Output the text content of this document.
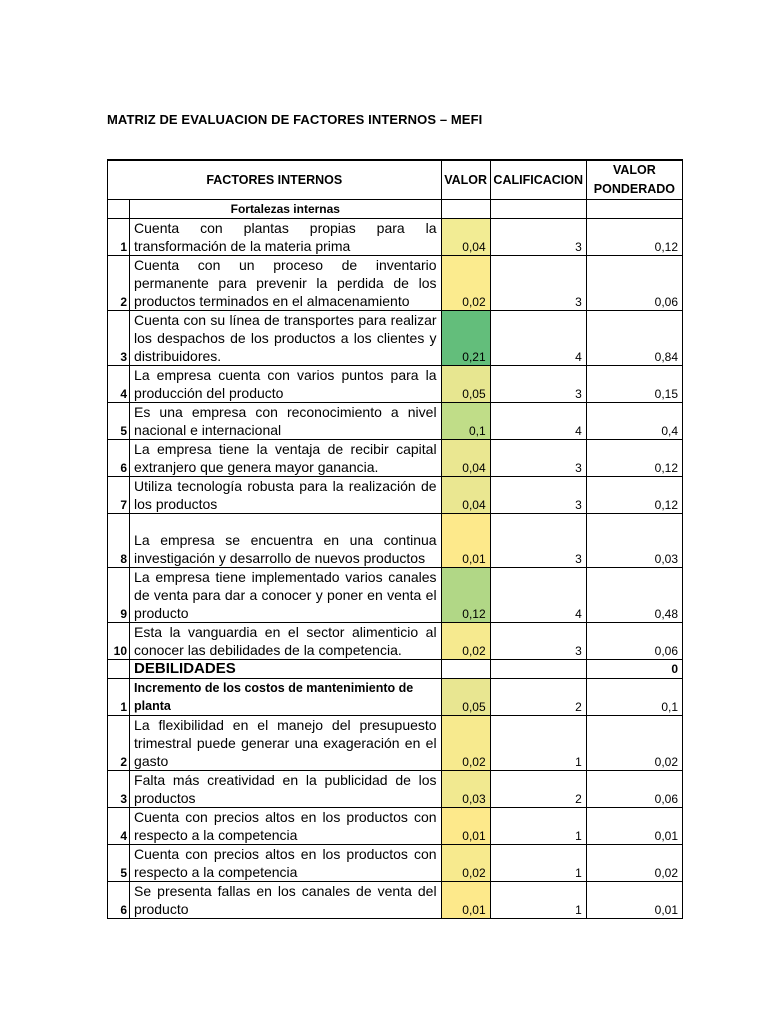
MATRIZ DE EVALUACION DE FACTORES INTERNOS – MEFI
FACTORES INTERNOS		VALOR	CALIFICACION	VALOR
PONDERADO
	Fortalezas internas			
1	Cuenta con plantas propias para la transformación de la materia prima	0,04	3	0,12
2	Cuenta con un proceso de inventario permanente para prevenir la perdida de los productos terminados en el almacenamiento	0,02	3	0,06
3	Cuenta con su línea de transportes para realizar los despachos de los productos a los clientes y distribuidores.	0,21	4	0,84
4	La empresa cuenta con varios puntos para la producción del producto	0,05	3	0,15
5	Es una empresa con reconocimiento a nivel nacional e internacional	0,1	4	0,4
6	La empresa tiene la ventaja de recibir capital extranjero que genera mayor ganancia.	0,04	3	0,12
7	Utiliza tecnología robusta para la realización de los productos	0,04	3	0,12
8	La empresa se encuentra en una continua investigación y desarrollo de nuevos productos	0,01	3	0,03
9	La empresa tiene implementado varios canales de venta para dar a conocer y poner en venta el producto	0,12	4	0,48
10	Esta la vanguardia en el sector alimenticio al conocer las debilidades de la competencia.	0,02	3	0,06
	DEBILIDADES			0
1	Incremento de los costos de mantenimiento de planta	0,05	2	0,1
2	La flexibilidad en el manejo del presupuesto trimestral puede generar una exageración en el gasto	0,02	1	0,02
3	Falta más creatividad en la publicidad de los productos	0,03	2	0,06
4	Cuenta con precios altos en los productos con respecto a la competencia	0,01	1	0,01
5	Cuenta con precios altos en los productos con respecto a la competencia	0,02	1	0,02
6	Se presenta fallas en los canales de venta del producto	0,01	1	0,01
